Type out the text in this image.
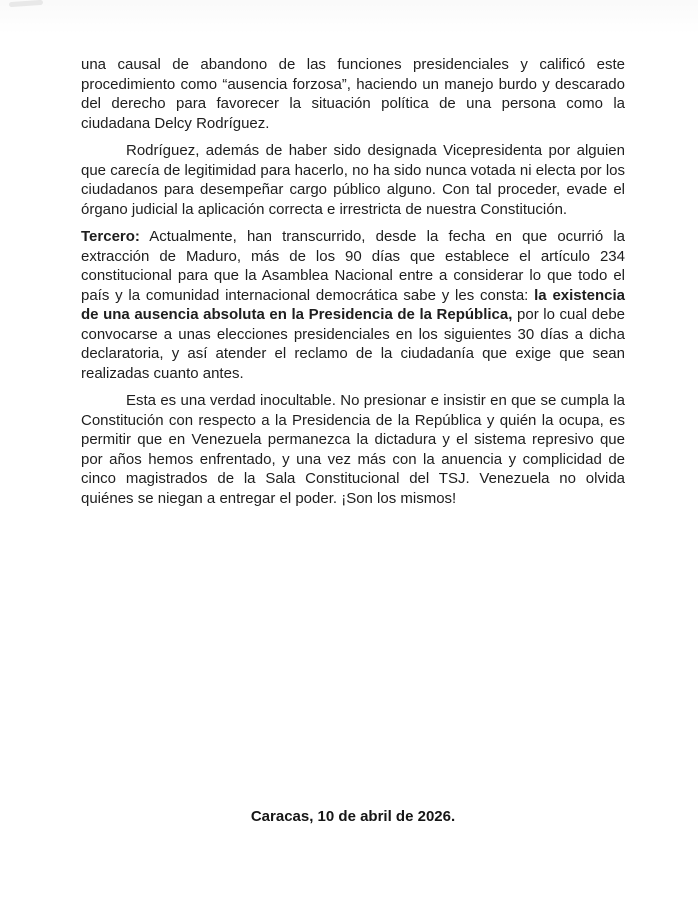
una causal de abandono de las funciones presidenciales y calificó este procedimiento como “ausencia forzosa”, haciendo un manejo burdo y descarado del derecho para favorecer la situación política de una persona como la ciudadana Delcy Rodríguez.

Rodríguez, además de haber sido designada Vicepresidenta por alguien que carecía de legitimidad para hacerlo, no ha sido nunca votada ni electa por los ciudadanos para desempeñar cargo público alguno. Con tal proceder, evade el órgano judicial la aplicación correcta e irrestricta de nuestra Constitución.

Tercero: Actualmente, han transcurrido, desde la fecha en que ocurrió la extracción de Maduro, más de los 90 días que establece el artículo 234 constitucional para que la Asamblea Nacional entre a considerar lo que todo el país y la comunidad internacional democrática sabe y les consta: la existencia de una ausencia absoluta en la Presidencia de la República, por lo cual debe convocarse a unas elecciones presidenciales en los siguientes 30 días a dicha declaratoria, y así atender el reclamo de la ciudadanía que exige que sean realizadas cuanto antes.

Esta es una verdad inocultable. No presionar e insistir en que se cumpla la Constitución con respecto a la Presidencia de la República y quién la ocupa, es permitir que en Venezuela permanezca la dictadura y el sistema represivo que por años hemos enfrentado, y una vez más con la anuencia y complicidad de cinco magistrados de la Sala Constitucional del TSJ. Venezuela no olvida quiénes se niegan a entregar el poder. ¡Son los mismos!

Caracas, 10 de abril de 2026.
